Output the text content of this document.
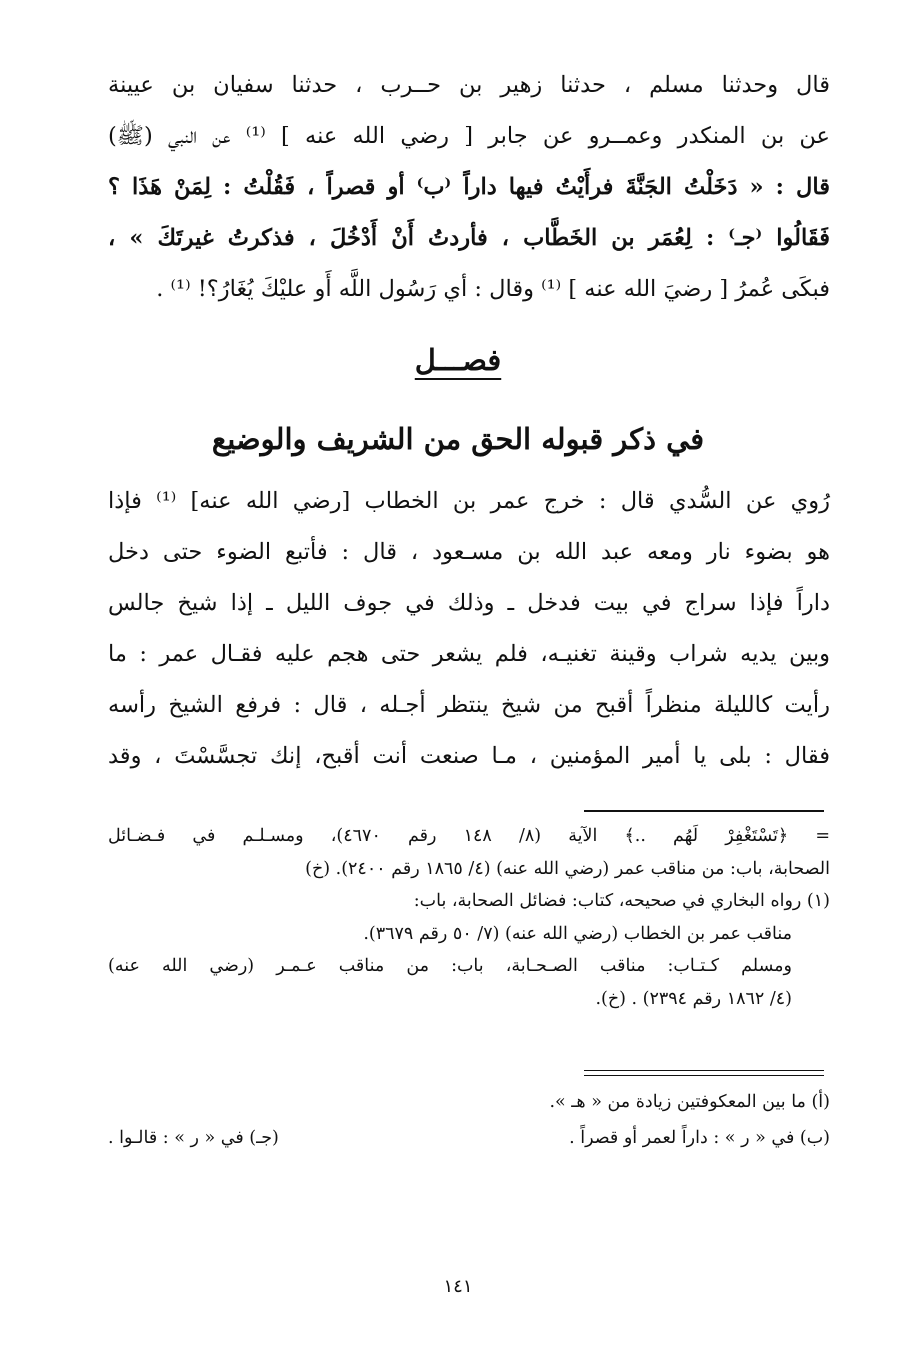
قال وحدثنا مسلم ، حدثنا زهير بن حــرب ، حدثنا سفيان بن عيينة
عن بن المنكدر وعمــرو عن جابر [ رضي الله عنه ] ⁽¹⁾ عن النبي (ﷺ)
قال : « دَخَلْتُ الجَنَّةَ فرأَيْتُ فيها داراً ⁽ب⁾ أو قصراً ، فَقُلْتُ : لِمَنْ هَذَا ؟
فَقَالُوا ⁽جـ⁾ : لِعُمَر بن الخَطَّاب ، فأردتُ أَنْ أَدْخُلَ ، فذكرتُ غيرتَكَ » ،
فبكَى عُمرُ [ رضيَ الله عنه ] ⁽¹⁾ وقال : أي رَسُول اللَّه أَو عليْكَ يُغَارُ؟! ⁽¹⁾ .
فصـــل
في ذكر قبوله الحق من الشريف والوضيع
رُوي عن السُّدي قال : خرج عمر بن الخطاب [رضي الله عنه] ⁽¹⁾ فإذا
هو بضوء نار ومعه عبد الله بن مسـعود ، قال : فأتبع الضوء حتى دخل
داراً فإذا سراج في بيت فدخل ـ وذلك في جوف الليل ـ إذا شيخ جالس
وبين يديه شراب وقينة تغنيـه، فلم يشعر حتى هجم عليه فقـال عمر : ما
رأيت كالليلة منظراً أقبح من شيخ ينتظر أجـله ، قال : فرفع الشيخ رأسه
فقال : بلى يا أمير المؤمنين ، مـا صنعت أنت أقبح، إنك تجسَّسْتَ ، وقد
= ﴿تَسْتَغْفِرْ لَهُم ..﴾ الآية (٨/ ١٤٨ رقم ٤٦٧٠)، ومسـلـم في فـضـائل
الصحابة، باب: من مناقب عمر (رضي الله عنه) (٤/ ١٨٦٥ رقم ٢٤٠٠). (خ)
(١) رواه البخاري في صحيحه، كتاب: فضائل الصحابة، باب:
مناقب عمر بن الخطاب (رضي الله عنه) (٧/ ٥٠ رقم ٣٦٧٩).
ومسلم كـتـاب: مناقب الصـحـابة، باب: من مناقب عـمـر (رضي الله عنه)
(٤/ ١٨٦٢ رقم ٢٣٩٤) . (خ).
(أ) ما بين المعكوفتين زيادة من « هـ ».
(ب) في « ر » : داراً لعمر أو قصراً .
(جـ) في « ر » : قالـوا .
١٤١
